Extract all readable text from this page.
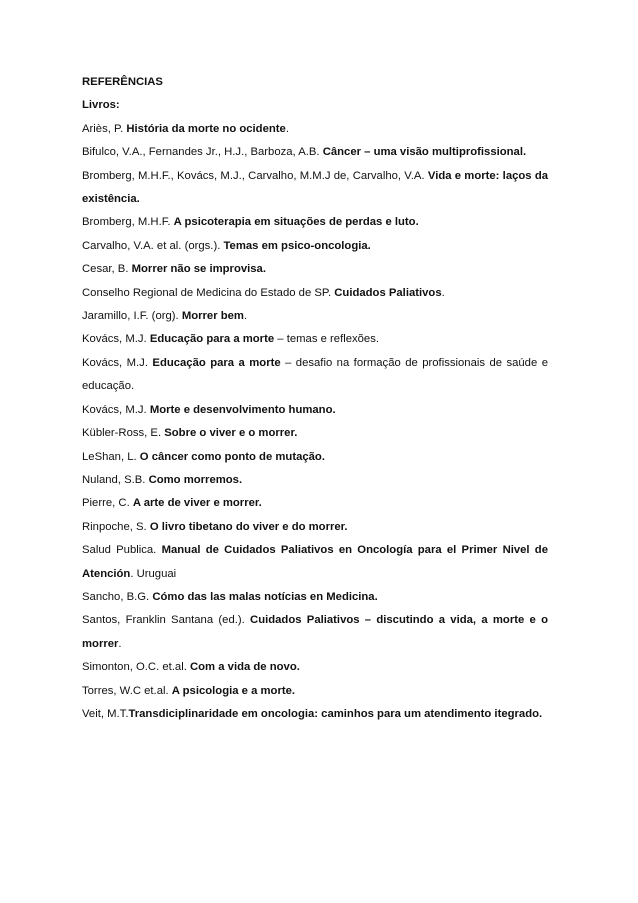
REFERÊNCIAS

Livros:

Ariès, P. História da morte no ocidente.

Bifulco, V.A., Fernandes Jr., H.J., Barboza, A.B. Câncer – uma visão multiprofissional.

Bromberg, M.H.F., Kovács, M.J., Carvalho, M.M.J de, Carvalho, V.A. Vida e morte: laços da existência.

Bromberg, M.H.F. A psicoterapia em situações de perdas e luto.

Carvalho, V.A. et al. (orgs.). Temas em psico-oncologia.

Cesar, B. Morrer não se improvisa.

Conselho Regional de Medicina do Estado de SP. Cuidados Paliativos.

Jaramillo, I.F. (org). Morrer bem.

Kovács, M.J. Educação para a morte – temas e reflexões.

Kovács, M.J. Educação para a morte – desafio na formação de profissionais de saúde e educação.

Kovács, M.J. Morte e desenvolvimento humano.

Kübler-Ross, E. Sobre o viver e o morrer.

LeShan, L. O câncer como ponto de mutação.

Nuland, S.B. Como morremos.

Pierre, C. A arte de viver e morrer.

Rinpoche, S. O livro tibetano do viver e do morrer.

Salud Publica. Manual de Cuidados Paliativos en Oncología para el Primer Nivel de Atención. Uruguai

Sancho, B.G. Cómo das las malas notícias en Medicina.

Santos, Franklin Santana (ed.). Cuidados Paliativos – discutindo a vida, a morte e o morrer.

Simonton, O.C. et.al. Com a vida de novo.

Torres, W.C et.al. A psicologia e a morte.

Veit, M.T.Transdiciplinaridade em oncologia: caminhos para um atendimento itegrado.
